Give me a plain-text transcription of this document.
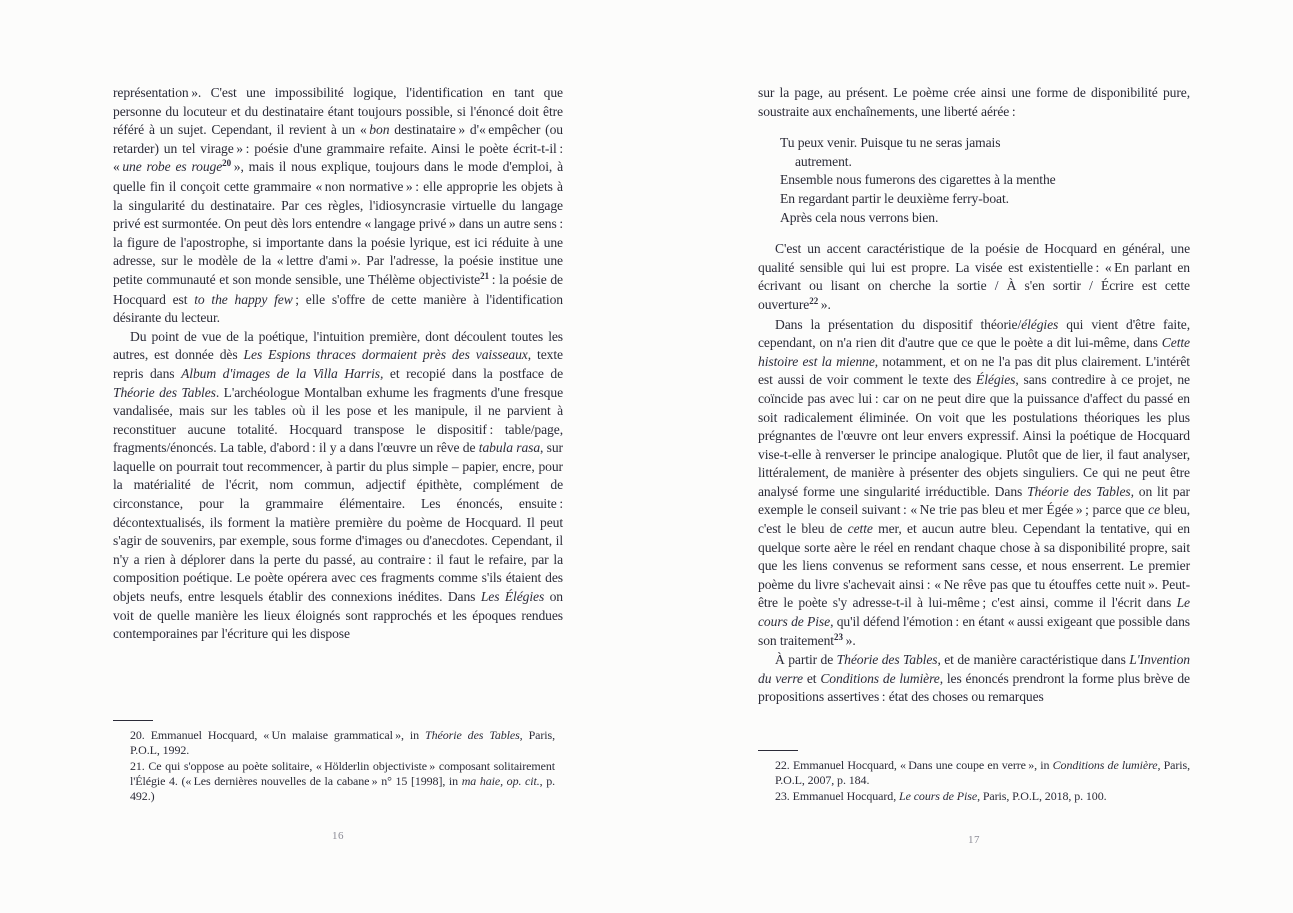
représentation ». C'est une impossibilité logique, l'identification en tant que personne du locuteur et du destinataire étant toujours possible, si l'énoncé doit être référé à un sujet. Cependant, il revient à un « bon destinataire » d'« empêcher (ou retarder) un tel virage » : poésie d'une grammaire refaite. Ainsi le poète écrit-t-il : « une robe es rouge$^{20}$ », mais il nous explique, toujours dans le mode d'emploi, à quelle fin il conçoit cette grammaire « non normative » : elle approprie les objets à la singularité du destinataire. Par ces règles, l'idiosyncrasie virtuelle du langage privé est surmontée. On peut dès lors entendre « langage privé » dans un autre sens : la figure de l'apostrophe, si importante dans la poésie lyrique, est ici réduite à une adresse, sur le modèle de la « lettre d'ami ». Par l'adresse, la poésie institue une petite communauté et son monde sensible, une Thélème objectiviste$^{21}$ : la poésie de Hocquard est to the happy few ; elle s'offre de cette manière à l'identification désirante du lecteur.

Du point de vue de la poétique, l'intuition première, dont découlent toutes les autres, est donnée dès Les Espions thraces dormaient près des vaisseaux, texte repris dans Album d'images de la Villa Harris, et recopié dans la postface de Théorie des Tables. L'archéologue Montalban exhume les fragments d'une fresque vandalisée, mais sur les tables où il les pose et les manipule, il ne parvient à reconstituer aucune totalité. Hocquard transpose le dispositif : table/page, fragments/énoncés. La table, d'abord : il y a dans l'œuvre un rêve de tabula rasa, sur laquelle on pourrait tout recommencer, à partir du plus simple – papier, encre, pour la matérialité de l'écrit, nom commun, adjectif épithète, complément de circonstance, pour la grammaire élémentaire. Les énoncés, ensuite : décontextualisés, ils forment la matière première du poème de Hocquard. Il peut s'agir de souvenirs, par exemple, sous forme d'images ou d'anecdotes. Cependant, il n'y a rien à déplorer dans la perte du passé, au contraire : il faut le refaire, par la composition poétique. Le poète opérera avec ces fragments comme s'ils étaient des objets neufs, entre lesquels établir des connexions inédites. Dans Les Élégies on voit de quelle manière les lieux éloignés sont rapprochés et les époques rendues contemporaines par l'écriture qui les dispose

20. Emmanuel Hocquard, « Un malaise grammatical », in Théorie des Tables, Paris, P.O.L, 1992.
21. Ce qui s'oppose au poète solitaire, « Hölderlin objectiviste » composant solitairement l'Élégie 4. (« Les dernières nouvelles de la cabane » n° 15 [1998], in ma haie, op. cit., p. 492.)
16

sur la page, au présent. Le poème crée ainsi une forme de disponibilité pure, soustraite aux enchaînements, une liberté aérée :

Tu peux venir. Puisque tu ne seras jamais
autrement.
Ensemble nous fumerons des cigarettes à la menthe
En regardant partir le deuxième ferry-boat.
Après cela nous verrons bien.

C'est un accent caractéristique de la poésie de Hocquard en général, une qualité sensible qui lui est propre. La visée est existentielle : « En parlant en écrivant ou lisant on cherche la sortie / À s'en sortir / Écrire est cette ouverture$^{22}$ ».

Dans la présentation du dispositif théorie/élégies qui vient d'être faite, cependant, on n'a rien dit d'autre que ce que le poète a dit lui-même, dans Cette histoire est la mienne, notamment, et on ne l'a pas dit plus clairement. L'intérêt est aussi de voir comment le texte des Élégies, sans contredire à ce projet, ne coïncide pas avec lui : car on ne peut dire que la puissance d'affect du passé en soit radicalement éliminée. On voit que les postulations théoriques les plus prégnantes de l'œuvre ont leur envers expressif. Ainsi la poétique de Hocquard vise-t-elle à renverser le principe analogique. Plutôt que de lier, il faut analyser, littéralement, de manière à présenter des objets singuliers. Ce qui ne peut être analysé forme une singularité irréductible. Dans Théorie des Tables, on lit par exemple le conseil suivant : « Ne trie pas bleu et mer Égée » ; parce que ce bleu, c'est le bleu de cette mer, et aucun autre bleu. Cependant la tentative, qui en quelque sorte aère le réel en rendant chaque chose à sa disponibilité propre, sait que les liens convenus se reforment sans cesse, et nous enserrent. Le premier poème du livre s'achevait ainsi : « Ne rêve pas que tu étouffes cette nuit ». Peut-être le poète s'y adresse-t-il à lui-même ; c'est ainsi, comme il l'écrit dans Le cours de Pise, qu'il défend l'émotion : en étant « aussi exigeant que possible dans son traitement$^{23}$ ».

À partir de Théorie des Tables, et de manière caractéristique dans L'Invention du verre et Conditions de lumière, les énoncés prendront la forme plus brève de propositions assertives : état des choses ou remarques

22. Emmanuel Hocquard, « Dans une coupe en verre », in Conditions de lumière, Paris, P.O.L, 2007, p. 184.
23. Emmanuel Hocquard, Le cours de Pise, Paris, P.O.L, 2018, p. 100.
17
